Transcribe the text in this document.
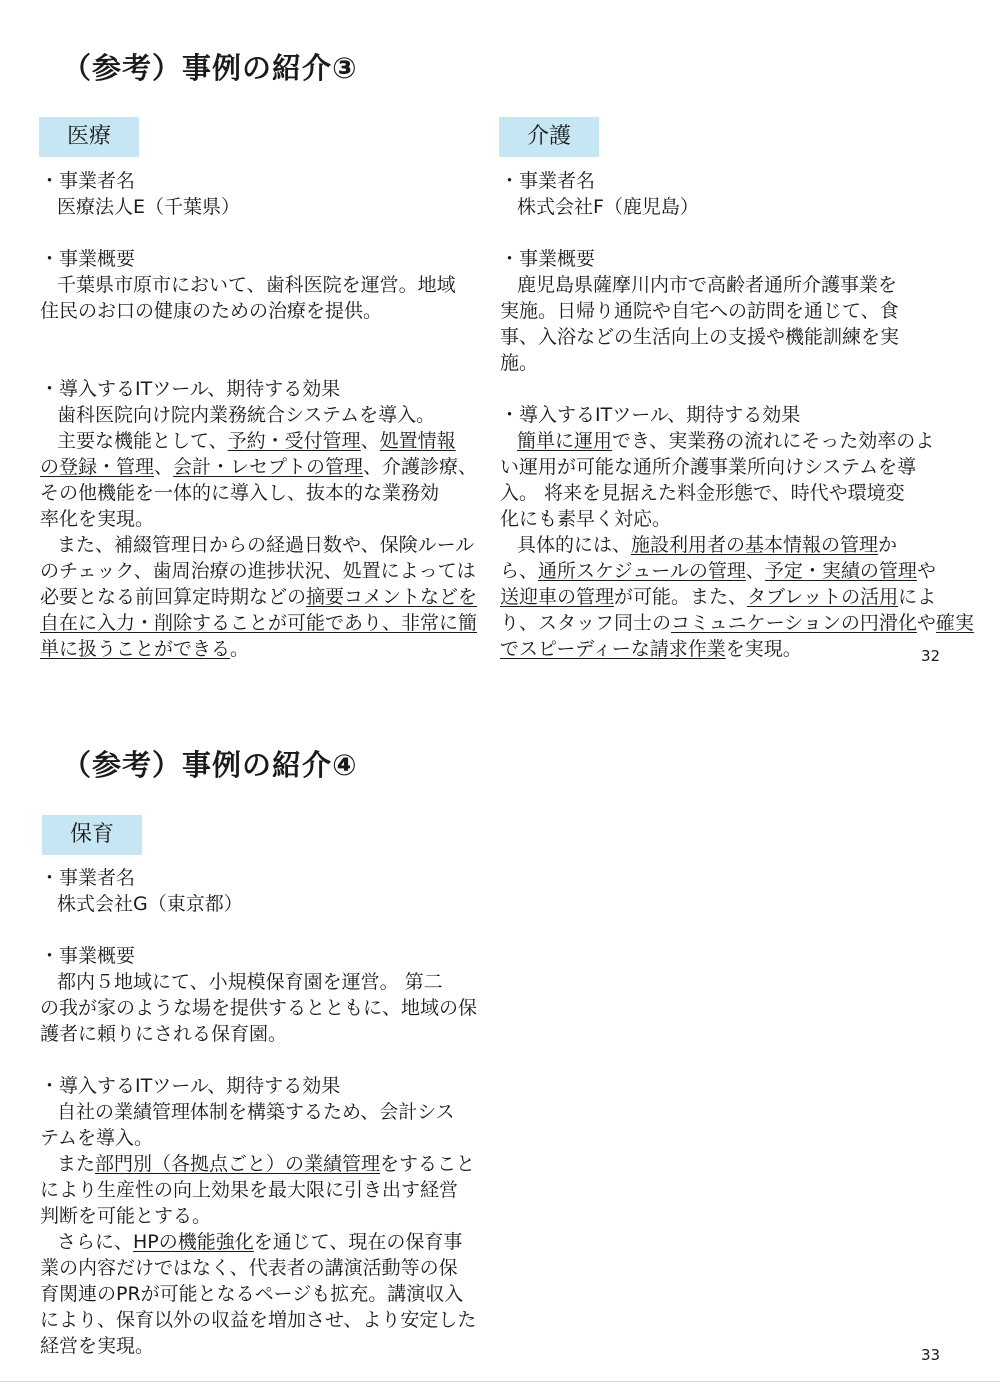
（参考）事例の紹介③
医療

・事業者名

医療法人E（千葉県）

・事業概要

千葉県市原市において、歯科医院を運営。地域

住民のお口の健康のための治療を提供。

・導入するITツール、期待する効果

歯科医院向け院内業務統合システムを導入。

主要な機能として、予約・受付管理、処置情報

の登録・管理、会計・レセプトの管理、介護診療、

その他機能を一体的に導入し、抜本的な業務効

率化を実現。

また、補綴管理日からの経過日数や、保険ルール

のチェック、歯周治療の進捗状況、処置によっては

必要となる前回算定時期などの摘要コメントなどを

自在に入力・削除することが可能であり、非常に簡

単に扱うことができる。

介護

・事業者名

株式会社F（鹿児島）

・事業概要

鹿児島県薩摩川内市で高齢者通所介護事業を

実施。日帰り通院や自宅への訪問を通じて、食

事、入浴などの生活向上の支援や機能訓練を実

施。

・導入するITツール、期待する効果

簡単に運用でき、実業務の流れにそった効率のよ

い運用が可能な通所介護事業所向けシステムを導

入。 将来を見据えた料金形態で、時代や環境変

化にも素早く対応。

具体的には、施設利用者の基本情報の管理か

ら、通所スケジュールの管理、予定・実績の管理や

送迎車の管理が可能。また、タブレットの活用によ

り、スタッフ同士のコミュニケーションの円滑化や確実

でスピーディーな請求作業を実現。	32
（参考）事例の紹介④
保育

・事業者名

株式会社G（東京都）

・事業概要

都内５地域にて、小規模保育園を運営。 第二

の我が家のような場を提供するとともに、地域の保

護者に頼りにされる保育園。

・導入するITツール、期待する効果

自社の業績管理体制を構築するため、会計シス

テムを導入。

また部門別（各拠点ごと）の業績管理をすること

により生産性の向上効果を最大限に引き出す経営

判断を可能とする。

さらに、HPの機能強化を通じて、現在の保育事

業の内容だけではなく、代表者の講演活動等の保

育関連のPRが可能となるページも拡充。講演収入

により、保育以外の収益を増加させ、より安定した

経営を実現。	33
